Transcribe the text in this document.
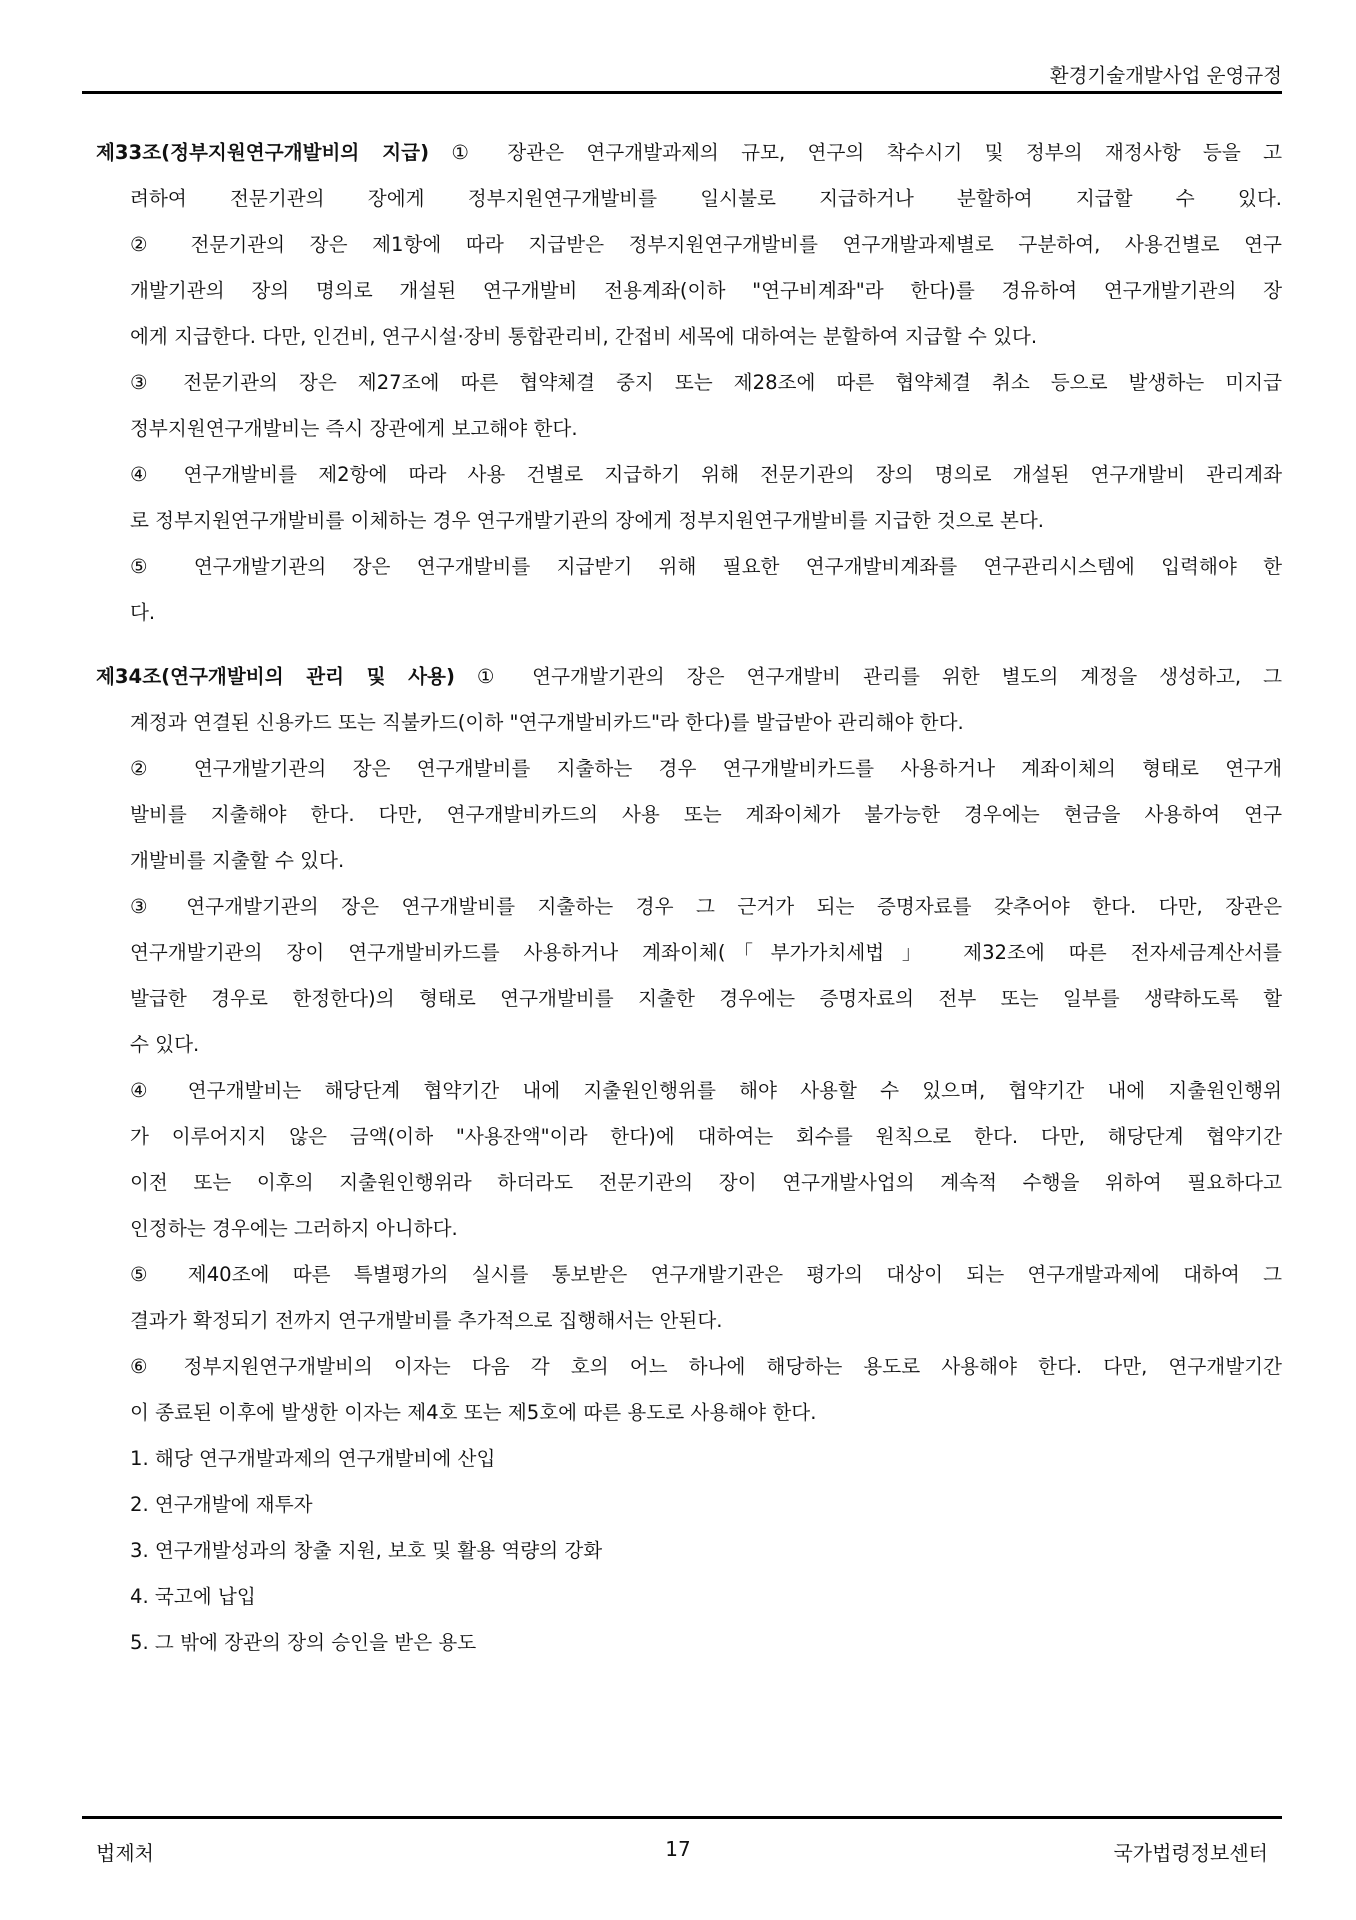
환경기술개발사업 운영규정
제33조(정부지원연구개발비의 지급) ① 장관은 연구개발과제의 규모, 연구의 착수시기 및 정부의 재정사항 등을 고
려하여 전문기관의 장에게 정부지원연구개발비를 일시불로 지급하거나 분할하여 지급할 수 있다.
② 전문기관의 장은 제1항에 따라 지급받은 정부지원연구개발비를 연구개발과제별로 구분하여, 사용건별로 연구
개발기관의 장의 명의로 개설된 연구개발비 전용계좌(이하 "연구비계좌"라 한다)를 경유하여 연구개발기관의 장
에게 지급한다. 다만, 인건비, 연구시설·장비 통합관리비, 간접비 세목에 대하여는 분할하여 지급할 수 있다.
③ 전문기관의 장은 제27조에 따른 협약체결 중지 또는 제28조에 따른 협약체결 취소 등으로 발생하는 미지급
정부지원연구개발비는 즉시 장관에게 보고해야 한다.
④ 연구개발비를 제2항에 따라 사용 건별로 지급하기 위해 전문기관의 장의 명의로 개설된 연구개발비 관리계좌
로 정부지원연구개발비를 이체하는 경우 연구개발기관의 장에게 정부지원연구개발비를 지급한 것으로 본다.
⑤ 연구개발기관의 장은 연구개발비를 지급받기 위해 필요한 연구개발비계좌를 연구관리시스템에 입력해야 한
다.
제34조(연구개발비의 관리 및 사용) ① 연구개발기관의 장은 연구개발비 관리를 위한 별도의 계정을 생성하고, 그
계정과 연결된 신용카드 또는 직불카드(이하 "연구개발비카드"라 한다)를 발급받아 관리해야 한다.
② 연구개발기관의 장은 연구개발비를 지출하는 경우 연구개발비카드를 사용하거나 계좌이체의 형태로 연구개
발비를 지출해야 한다. 다만, 연구개발비카드의 사용 또는 계좌이체가 불가능한 경우에는 현금을 사용하여 연구
개발비를 지출할 수 있다.
③ 연구개발기관의 장은 연구개발비를 지출하는 경우 그 근거가 되는 증명자료를 갖추어야 한다. 다만, 장관은
연구개발기관의 장이 연구개발비카드를 사용하거나 계좌이체(「부가가치세법」 제32조에 따른 전자세금계산서를
발급한 경우로 한정한다)의 형태로 연구개발비를 지출한 경우에는 증명자료의 전부 또는 일부를 생략하도록 할
수 있다.
④ 연구개발비는 해당단계 협약기간 내에 지출원인행위를 해야 사용할 수 있으며, 협약기간 내에 지출원인행위
가 이루어지지 않은 금액(이하 "사용잔액"이라 한다)에 대하여는 회수를 원칙으로 한다. 다만, 해당단계 협약기간
이전 또는 이후의 지출원인행위라 하더라도 전문기관의 장이 연구개발사업의 계속적 수행을 위하여 필요하다고
인정하는 경우에는 그러하지 아니하다.
⑤ 제40조에 따른 특별평가의 실시를 통보받은 연구개발기관은 평가의 대상이 되는 연구개발과제에 대하여 그
결과가 확정되기 전까지 연구개발비를 추가적으로 집행해서는 안된다.
⑥ 정부지원연구개발비의 이자는 다음 각 호의 어느 하나에 해당하는 용도로 사용해야 한다. 다만, 연구개발기간
이 종료된 이후에 발생한 이자는 제4호 또는 제5호에 따른 용도로 사용해야 한다.
1. 해당 연구개발과제의 연구개발비에 산입
2. 연구개발에 재투자
3. 연구개발성과의 창출 지원, 보호 및 활용 역량의 강화
4. 국고에 납입
5. 그 밖에 장관의 장의 승인을 받은 용도
법제처	17	국가법령정보센터
